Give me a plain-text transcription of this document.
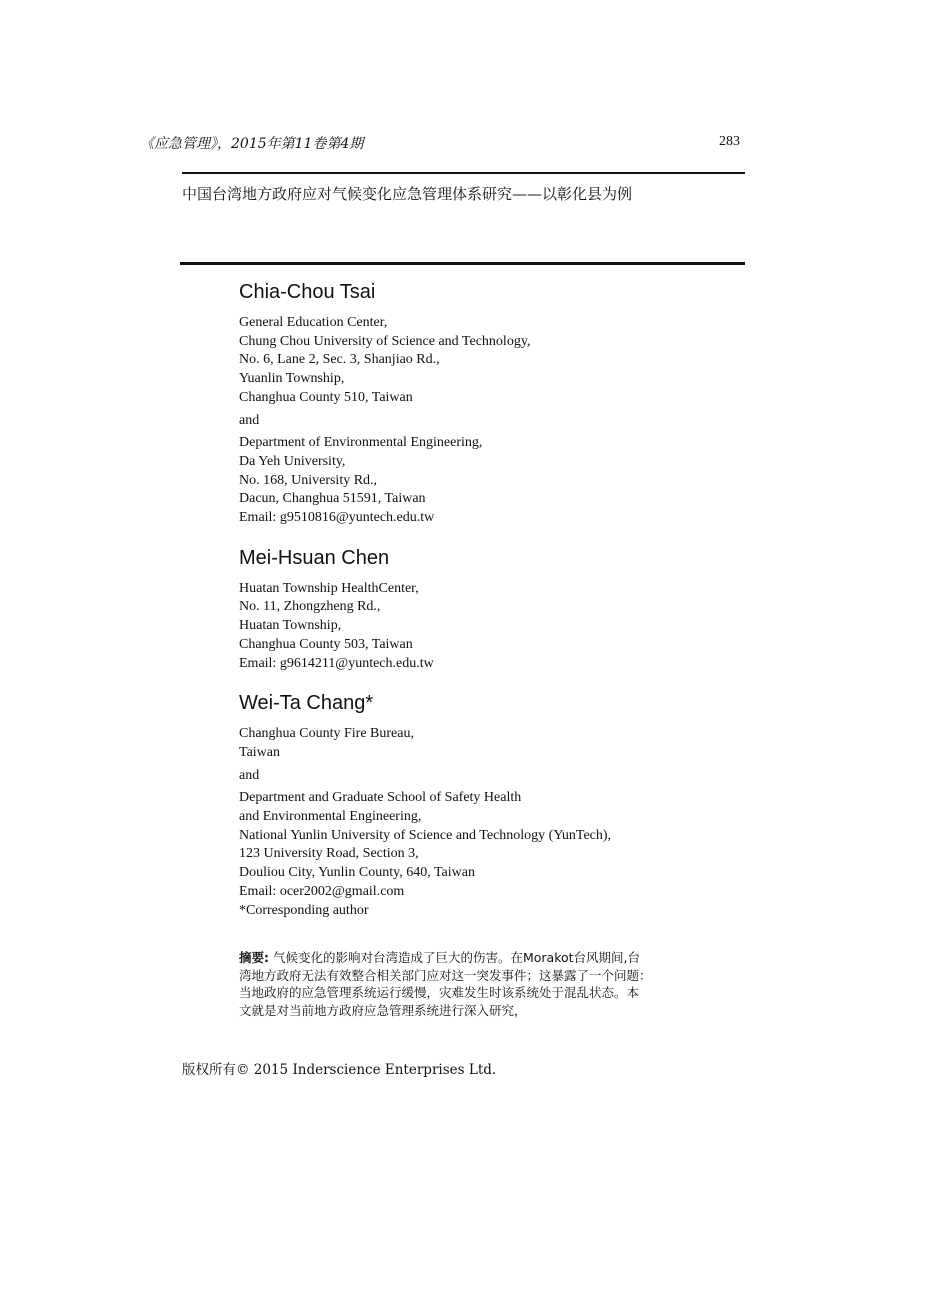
《应急管理》，2015年第11卷第4期	283
中国台湾地方政府应对气候变化应急管理体系研究——以彰化县为例
Chia-Chou Tsai
General Education Center,
Chung Chou University of Science and Technology,
No. 6, Lane 2, Sec. 3, Shanjiao Rd.,
Yuanlin Township,
Changhua County 510, Taiwan
and
Department of Environmental Engineering,
Da Yeh University,
No. 168, University Rd.,
Dacun, Changhua 51591, Taiwan
Email: g9510816@yuntech.edu.tw
Mei-Hsuan Chen
Huatan Township HealthCenter,
No. 11, Zhongzheng Rd.,
Huatan Township,
Changhua County 503, Taiwan
Email: g9614211@yuntech.edu.tw
Wei-Ta Chang*
Changhua County Fire Bureau,
Taiwan
and
Department and Graduate School of Safety Health
and Environmental Engineering,
National Yunlin University of Science and Technology (YunTech),
123 University Road, Section 3,
Douliou City, Yunlin County, 640, Taiwan
Email: ocer2002@gmail.com
*Corresponding author
摘要: 气候变化的影响对台湾造成了巨大的伤害。在Morakot台风期间,台
湾地方政府无法有效整合相关部门应对这一突发事件；这暴露了一个问题：
当地政府的应急管理系统运行缓慢，灾难发生时该系统处于混乱状态。本
文就是对当前地方政府应急管理系统进行深入研究，
版权所有© 2015 Inderscience Enterprises Ltd.
